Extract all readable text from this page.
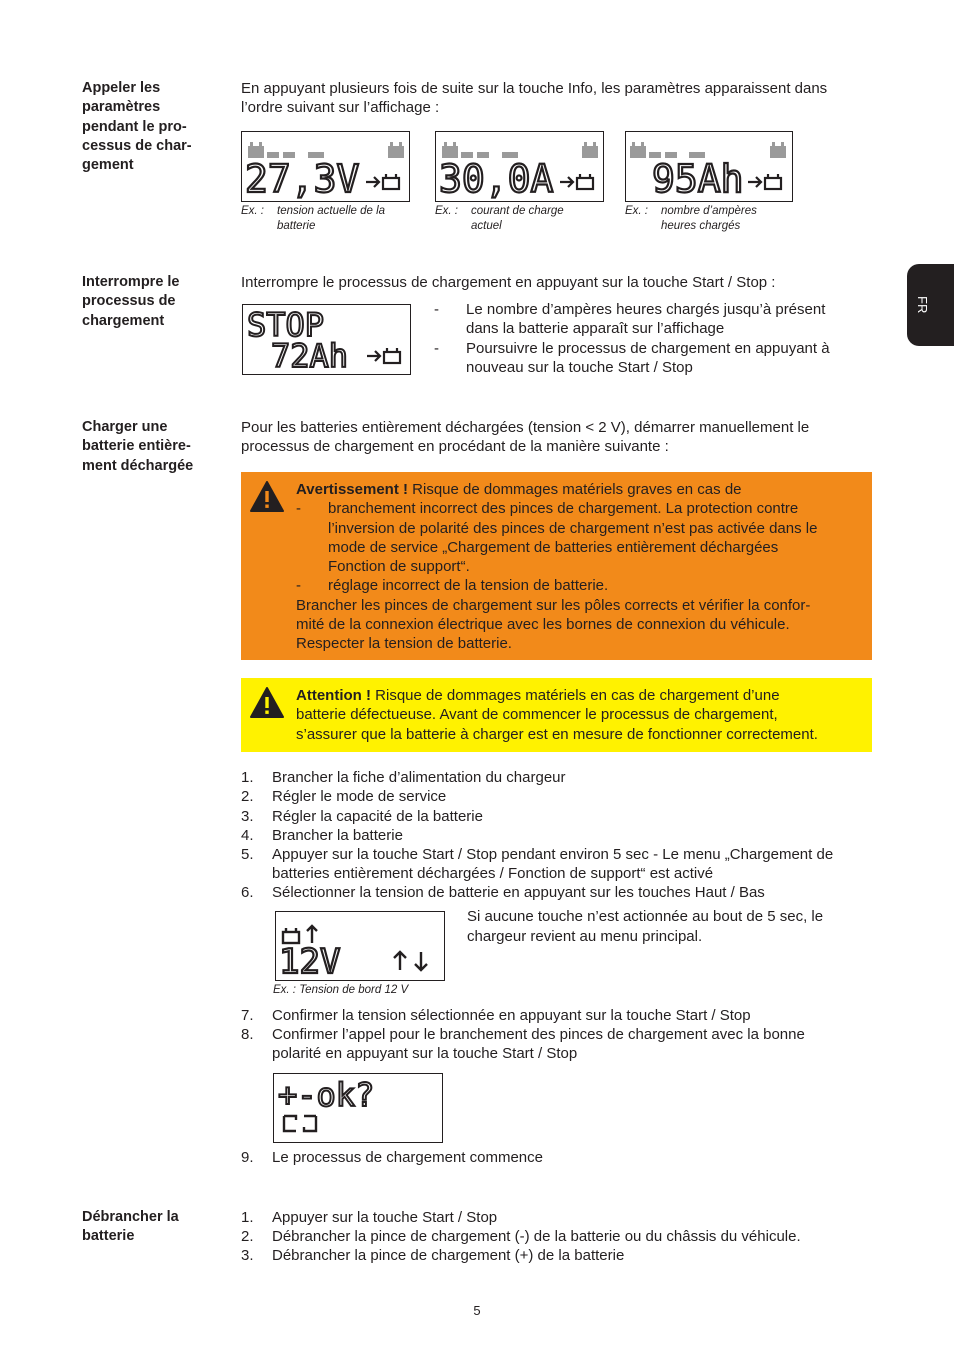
FR
Appeler les
paramètres
pendant le pro-
cessus de char-
gement
En appuyant plusieurs fois de suite sur la touche Info, les paramètres apparaissent dans
l’ordre suivant sur l’affichage :
27,3V
Ex. : tension actuelle de la
batterie
30,0A
Ex. : courant de charge
actuel
95Ah
Ex. : nombre d’ampères
heures chargés
Interrompre le
processus de
chargement
Interrompre le processus de chargement en appuyant sur la touche Start / Stop :
STOP
72Ah
- Le nombre d’ampères heures chargés jusqu’à présent
dans la batterie apparaît sur l’affichage
- Poursuivre le processus de chargement en appuyant à
nouveau sur la touche Start / Stop
Charger une
batterie entière-
ment déchargée
Pour les batteries entièrement déchargées (tension < 2 V), démarrer manuellement le
processus de chargement en procédant de la manière suivante :
Avertissement ! Risque de dommages matériels graves en cas de
- branchement incorrect des pinces de chargement. La protection contre
l’inversion de polarité des pinces de chargement n’est pas activée dans le
mode de service „Chargement de batteries entièrement déchargées
Fonction de support“.
- réglage incorrect de la tension de batterie.
Brancher les pinces de chargement sur les pôles corrects et vérifier la confor-
mité de la connexion électrique avec les bornes de connexion du véhicule.
Respecter la tension de batterie.
Attention ! Risque de dommages matériels en cas de chargement d’une
batterie défectueuse. Avant de commencer le processus de chargement,
s’assurer que la batterie à charger est en mesure de fonctionner correctement.
1. Brancher la fiche d’alimentation du chargeur
2. Régler le mode de service
3. Régler la capacité de la batterie
4. Brancher la batterie
5. Appuyer sur la touche Start / Stop pendant environ 5 sec - Le menu „Chargement de
batteries entièrement déchargées / Fonction de support“ est activé
6. Sélectionner la tension de batterie en appuyant sur les touches Haut / Bas
12V
Ex. : Tension de bord 12 V
Si aucune touche n’est actionnée au bout de 5 sec, le
chargeur revient au menu principal.
7. Confirmer la tension sélectionnée en appuyant sur la touche Start / Stop
8. Confirmer l’appel pour le branchement des pinces de chargement avec la bonne
polarité en appuyant sur la touche Start / Stop
+-ok?
9. Le processus de chargement commence
Débrancher la
batterie
1. Appuyer sur la touche Start / Stop
2. Débrancher la pince de chargement (-) de la batterie ou du châssis du véhicule.
3. Débrancher la pince de chargement (+) de la batterie
5
